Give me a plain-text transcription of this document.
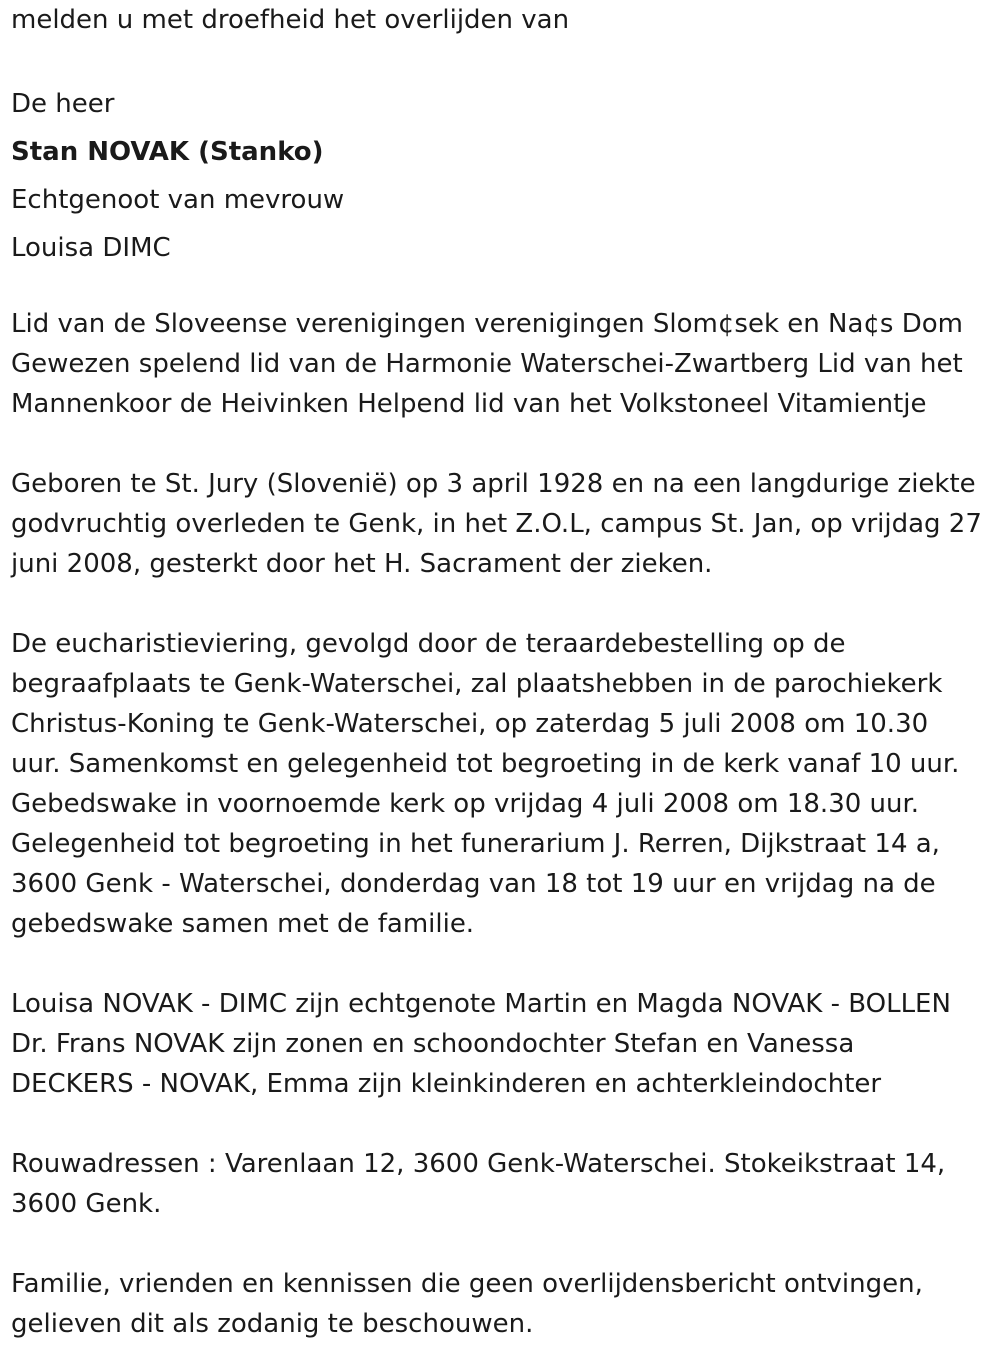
melden u met droefheid het overlijden van
De heer
Stan NOVAK (Stanko)
Echtgenoot van mevrouw
Louisa DIMC
Lid van de Sloveense verenigingen verenigingen Slom¢sek en Na¢s Dom
Gewezen spelend lid van de Harmonie Waterschei-Zwartberg Lid van het
Mannenkoor de Heivinken Helpend lid van het Volkstoneel Vitamientje
Geboren te St. Jury (Slovenië) op 3 april 1928 en na een langdurige ziekte
godvruchtig overleden te Genk, in het Z.O.L, campus St. Jan, op vrijdag 27
juni 2008, gesterkt door het H. Sacrament der zieken.
De eucharistieviering, gevolgd door de teraardebestelling op de
begraafplaats te Genk-Waterschei, zal plaatshebben in de parochiekerk
Christus-Koning te Genk-Waterschei, op zaterdag 5 juli 2008 om 10.30
uur. Samenkomst en gelegenheid tot begroeting in de kerk vanaf 10 uur.
Gebedswake in voornoemde kerk op vrijdag 4 juli 2008 om 18.30 uur.
Gelegenheid tot begroeting in het funerarium J. Rerren, Dijkstraat 14 a,
3600 Genk - Waterschei, donderdag van 18 tot 19 uur en vrijdag na de
gebedswake samen met de familie.
Louisa NOVAK - DIMC zijn echtgenote Martin en Magda NOVAK - BOLLEN
Dr. Frans NOVAK zijn zonen en schoondochter Stefan en Vanessa
DECKERS - NOVAK, Emma zijn kleinkinderen en achterkleindochter
Rouwadressen : Varenlaan 12, 3600 Genk-Waterschei. Stokeikstraat 14,
3600 Genk.
Familie, vrienden en kennissen die geen overlijdensbericht ontvingen,
gelieven dit als zodanig te beschouwen.
